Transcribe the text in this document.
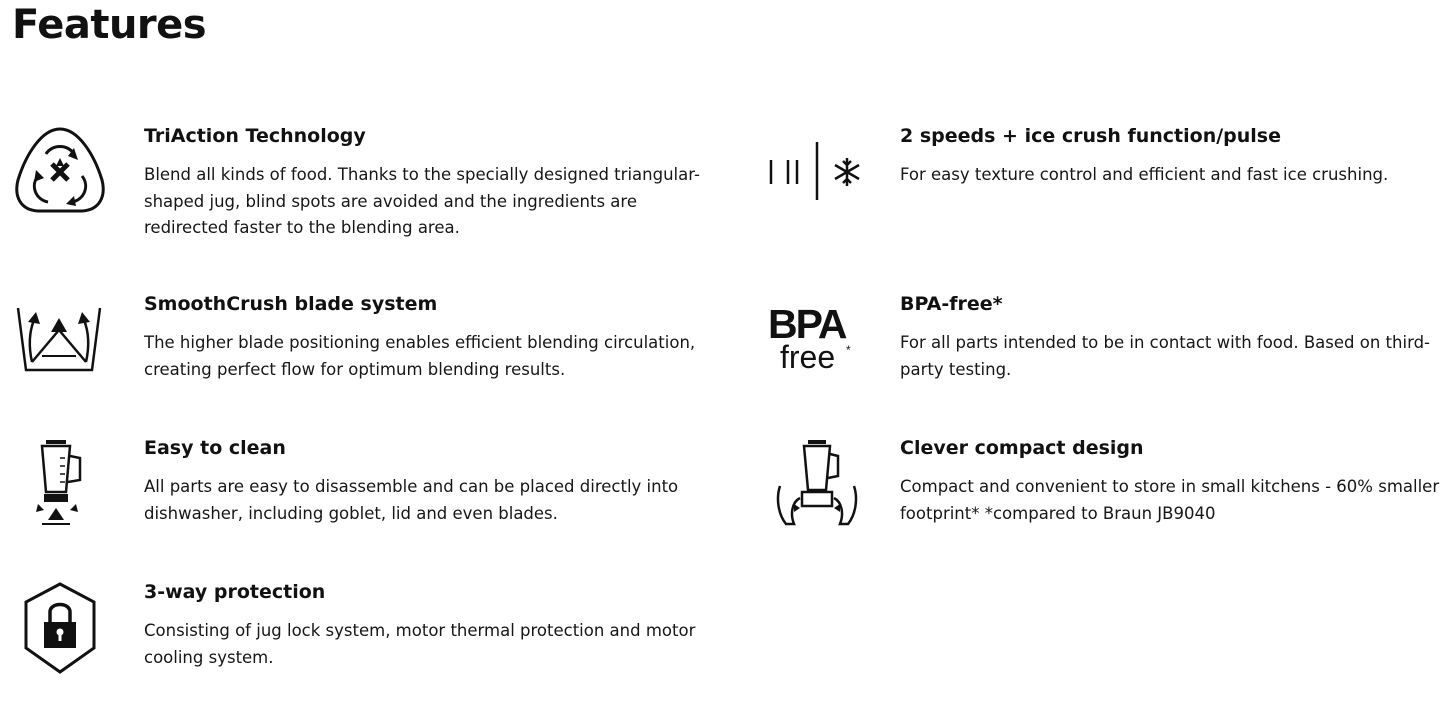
Features
TriAction Technology

Blend all kinds of food. Thanks to the specially designed triangular-shaped jug, blind spots are avoided and the ingredients are redirected faster to the blending area.

2 speeds + ice crush function/pulse

For easy texture control and efficient and fast ice crushing.

SmoothCrush blade system

The higher blade positioning enables efficient blending circulation, creating perfect flow for optimum blending results.

BPA
free *
BPA-free*

For all parts intended to be in contact with food. Based on third-party testing.

Easy to clean

All parts are easy to disassemble and can be placed directly into dishwasher, including goblet, lid and even blades.

Clever compact design

Compact and convenient to store in small kitchens - 60% smaller footprint* *compared to Braun JB9040

3-way protection

Consisting of jug lock system, motor thermal protection and motor cooling system.
